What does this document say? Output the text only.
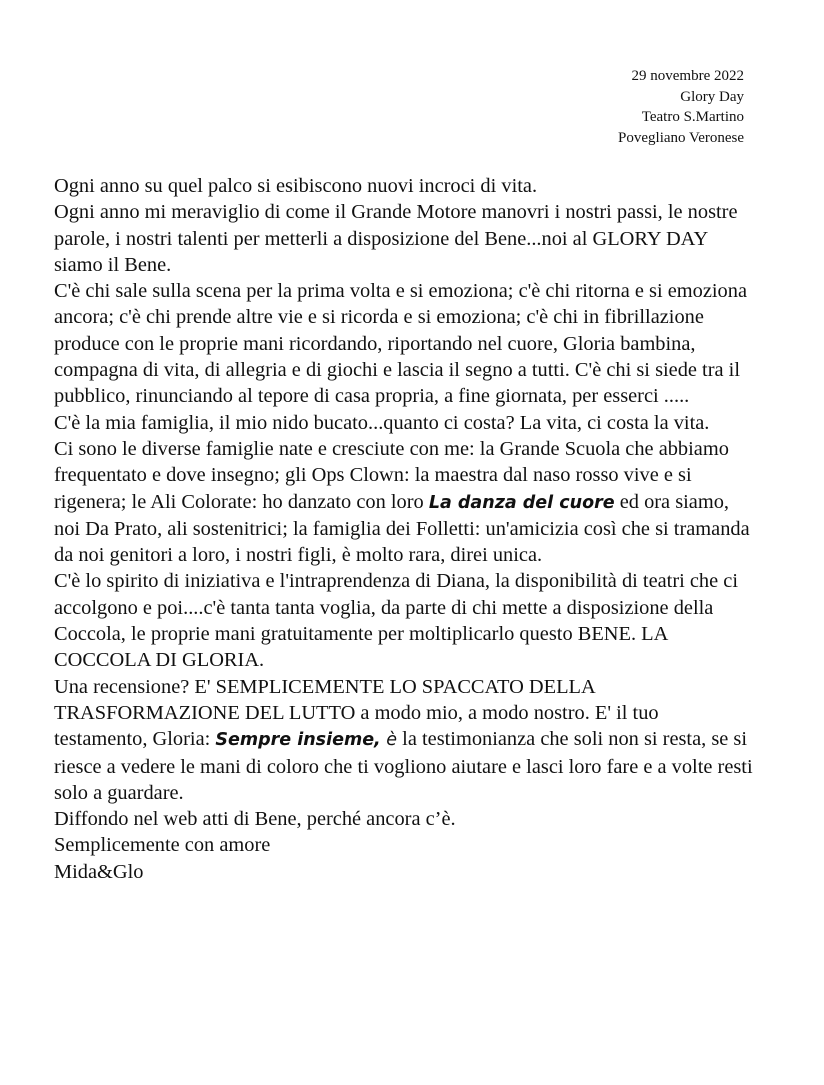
29 novembre 2022
Glory Day
Teatro S.Martino
Povegliano Veronese

Ogni anno su quel palco si esibiscono nuovi incroci di vita.

Ogni anno mi meraviglio di come il Grande Motore manovri i nostri passi, le nostre parole, i nostri talenti per metterli a disposizione del Bene...noi al GLORY DAY siamo il Bene.

C'è chi sale sulla scena per la prima volta e si emoziona; c'è chi ritorna e si emoziona ancora; c'è chi prende altre vie e si ricorda e si emoziona; c'è chi in fibrillazione produce con le proprie mani ricordando, riportando nel cuore, Gloria bambina, compagna di vita, di allegria e di giochi e lascia il segno a tutti. C'è chi si siede tra il pubblico, rinunciando al tepore di casa propria, a fine giornata, per esserci .....

C'è la mia famiglia, il mio nido bucato...quanto ci costa? La vita, ci costa la vita.

Ci sono le diverse famiglie nate e cresciute con me: la Grande Scuola che abbiamo frequentato e dove insegno; gli Ops Clown: la maestra dal naso rosso vive e si rigenera; le Ali Colorate: ho danzato con loro La danza del cuore ed ora siamo, noi Da Prato, ali sostenitrici; la famiglia dei Folletti: un'amicizia così che si tramanda da noi genitori a loro, i nostri figli, è molto rara, direi unica.

C'è lo spirito di iniziativa e l'intraprendenza di Diana, la disponibilità di teatri che ci accolgono e poi....c'è tanta tanta voglia, da parte di chi mette a disposizione della Coccola, le proprie mani gratuitamente per moltiplicarlo questo BENE. LA COCCOLA DI GLORIA.

Una recensione? E' SEMPLICEMENTE LO SPACCATO DELLA TRASFORMAZIONE DEL LUTTO a modo mio, a modo nostro. E' il tuo testamento, Gloria: Sempre insieme, è la testimonianza che soli non si resta, se si riesce a vedere le mani di coloro che ti vogliono aiutare e lasci loro fare e a volte resti solo a guardare.

Diffondo nel web atti di Bene, perché ancora c’è.

Semplicemente con amore

Mida&Glo
